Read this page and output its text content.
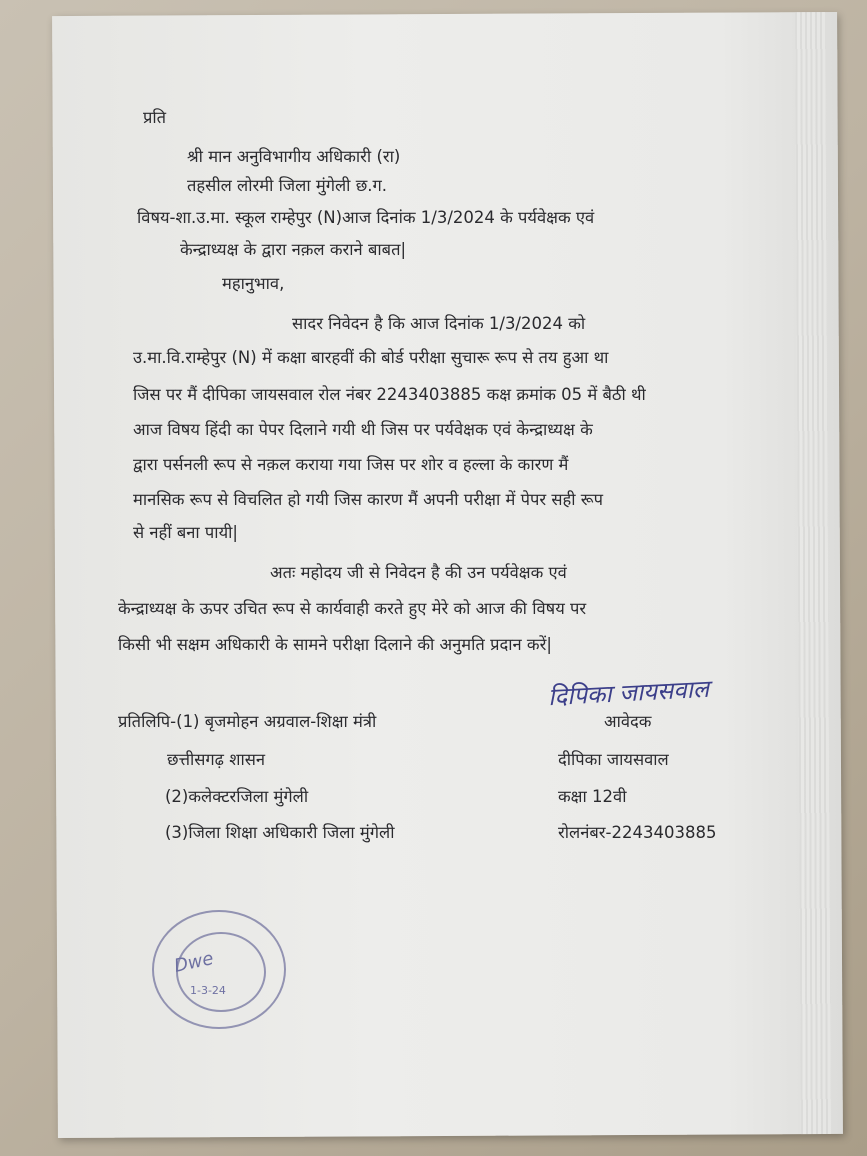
प्रति
श्री मान अनुविभागीय अधिकारी (रा)
तहसील लोरमी जिला मुंगेली छ.ग.
विषय-शा.उ.मा. स्कूल राम्हेपुर (N)आज दिनांक 1/3/2024 के पर्यवेक्षक एवं
केन्द्राध्यक्ष के द्वारा नक़ल कराने बाबत|
महानुभाव,
सादर निवेदन है कि आज दिनांक 1/3/2024 को
उ.मा.वि.राम्हेपुर (N) में कक्षा बारहवीं की बोर्ड परीक्षा सुचारू रूप से तय हुआ था
जिस पर मैं दीपिका जायसवाल रोल नंबर 2243403885 कक्ष क्रमांक 05 में बैठी थी
आज विषय हिंदी का पेपर दिलाने गयी थी जिस पर पर्यवेक्षक एवं केन्द्राध्यक्ष के
द्वारा पर्सनली रूप से नक़ल कराया गया जिस पर शोर व हल्ला के कारण मैं
मानसिक रूप से विचलित हो गयी जिस कारण मैं अपनी परीक्षा में पेपर सही रूप
से नहीं बना पायी|
अतः महोदय जी से निवेदन है की उन पर्यवेक्षक एवं
केन्द्राध्यक्ष के ऊपर उचित रूप से कार्यवाही करते हुए मेरे को आज की विषय पर
किसी भी सक्षम अधिकारी के सामने परीक्षा दिलाने की अनुमति प्रदान करें|
दिपिका जायसवाल
प्रतिलिपि-(1) बृजमोहन अग्रवाल-शिक्षा मंत्री
छत्तीसगढ़ शासन
(2)कलेक्टरजिला मुंगेली
(3)जिला शिक्षा अधिकारी जिला मुंगेली
आवेदक
दीपिका जायसवाल
कक्षा 12वी
रोलनंबर-2243403885
Dwe
1-3-24
